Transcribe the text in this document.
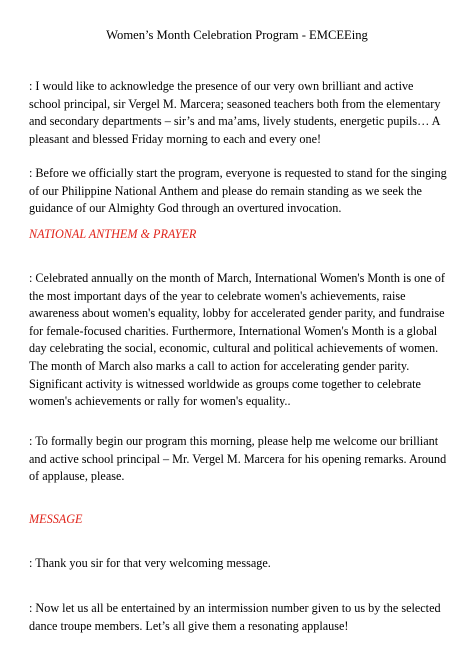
Women’s Month Celebration Program - EMCEEing

: I would like to acknowledge the presence of our very own brilliant and active school principal, sir Vergel M. Marcera; seasoned teachers both from the elementary and secondary departments – sir’s and ma’ams, lively students, energetic pupils… A pleasant and blessed Friday morning to each and every one!

: Before we officially start the program, everyone is requested to stand for the singing of our Philippine National Anthem and please do remain standing as we seek the guidance of our Almighty God through an overtured invocation.

NATIONAL ANTHEM & PRAYER

: Celebrated annually on the month of March, International Women's Month is one of the most important days of the year to celebrate women's achievements, raise awareness about women's equality, lobby for accelerated gender parity, and fundraise for female-focused charities. Furthermore, International Women's Month is a global day celebrating the social, economic, cultural and political achievements of women. The month of March also marks a call to action for accelerating gender parity. Significant activity is witnessed worldwide as groups come together to celebrate women's achievements or rally for women's equality..

: To formally begin our program this morning, please help me welcome our brilliant and active school principal – Mr. Vergel M. Marcera for his opening remarks. Around of applause, please.

MESSAGE

: Thank you sir for that very welcoming message.

: Now let us all be entertained by an intermission number given to us by the selected dance troupe members. Let’s all give them a resonating applause!
